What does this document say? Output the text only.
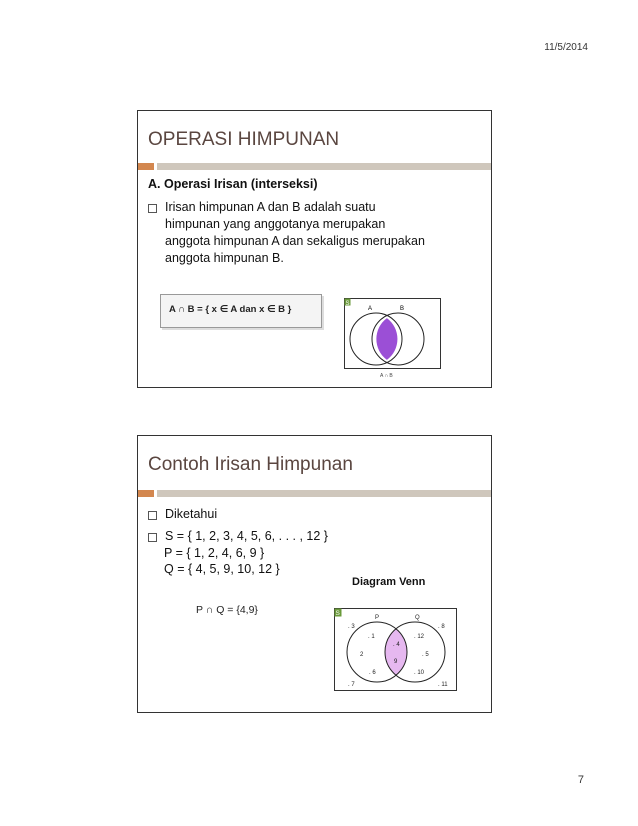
11/5/2014
OPERASI HIMPUNAN

A. Operasi Irisan (interseksi)

Irisan himpunan A dan B adalah suatu
himpunan yang anggotanya merupakan
anggota himpunan A dan sekaligus merupakan
anggota himpunan B.
A ∩ B = { x ∈ A dan x ∈ B }	S
A	B
A ∩ B
Contoh Irisan Himpunan
Diketahui
S = { 1, 2, 3, 4, 5, 6, . . . , 12 }
P = { 1, 2, 4, 6, 9 }
Q = { 4, 5, 9, 10, 12 }
Diagram Venn
P ∩ Q = {4,9}	S
P	Q
. 3	. 8
. 7	. 11
. 1
2
. 6
. 4
9
. 12
. 5
. 10
7
